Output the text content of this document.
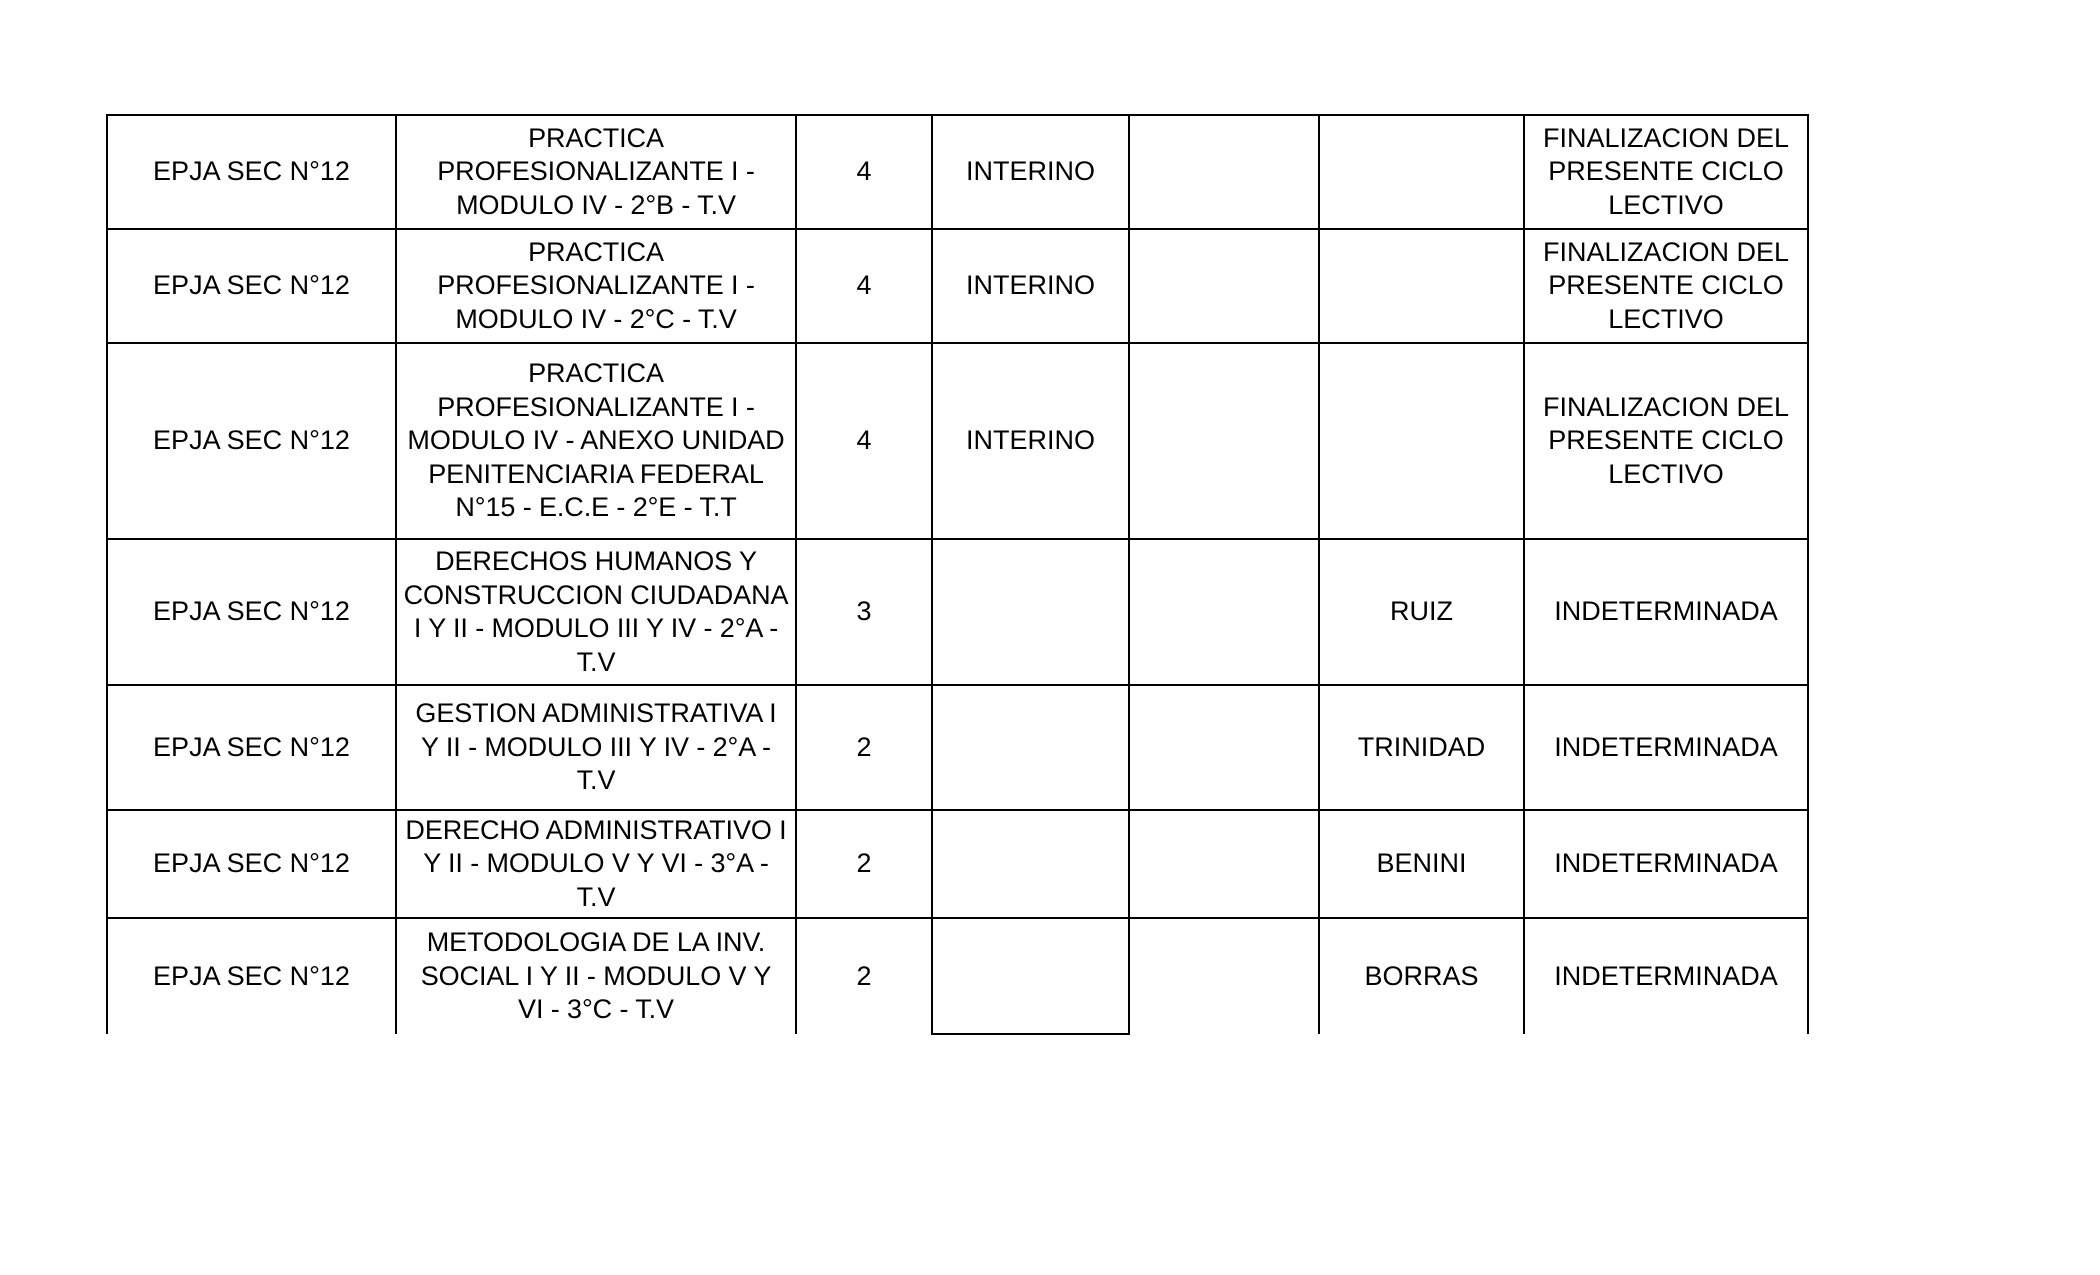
EPJA SEC N°12	PRACTICA
PROFESIONALIZANTE I -
MODULO IV - 2°B - T.V	4	INTERINO			FINALIZACION DEL
PRESENTE CICLO
LECTIVO
EPJA SEC N°12	PRACTICA
PROFESIONALIZANTE I -
MODULO IV - 2°C - T.V	4	INTERINO			FINALIZACION DEL
PRESENTE CICLO
LECTIVO
EPJA SEC N°12	PRACTICA
PROFESIONALIZANTE I -
MODULO IV - ANEXO UNIDAD
PENITENCIARIA FEDERAL
N°15 - E.C.E - 2°E - T.T	4	INTERINO			FINALIZACION DEL
PRESENTE CICLO
LECTIVO
EPJA SEC N°12	DERECHOS HUMANOS Y
CONSTRUCCION CIUDADANA
I Y II - MODULO III Y IV - 2°A -
T.V	3			RUIZ	INDETERMINADA
EPJA SEC N°12	GESTION ADMINISTRATIVA I
Y II - MODULO III Y IV - 2°A -
T.V	2			TRINIDAD	INDETERMINADA
EPJA SEC N°12	DERECHO ADMINISTRATIVO I
Y II - MODULO V Y VI - 3°A -
T.V	2			BENINI	INDETERMINADA
EPJA SEC N°12	METODOLOGIA DE LA INV.
SOCIAL I Y II - MODULO V Y
VI - 3°C - T.V	2			BORRAS	INDETERMINADA
